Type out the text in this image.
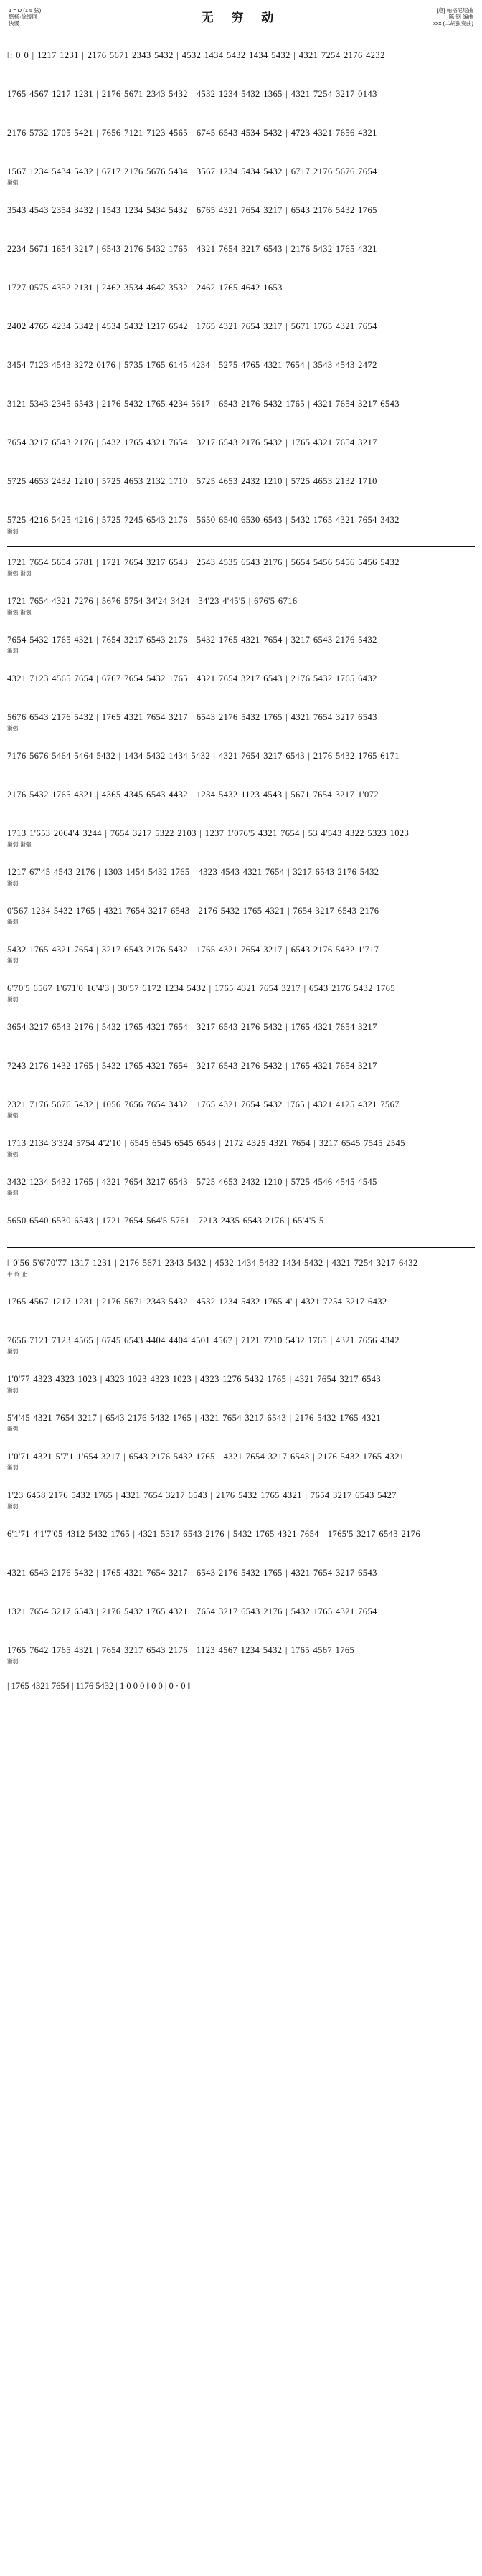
1 = D (1 5 弦)
悠扬·徐缓同
快慢	无 穷 动
[意] 帕格尼尼曲
陈 钢 编曲
xxx (二胡独奏曲)
‖: 0 0 | 1217 1231 | 2176 5671 2343 5432 | 4532 1434 5432 1434 5432 | 4321 7254 2176 4232
1765 4567 1217 1231 | 2176 5671 2343 5432 | 4532 1234 5432 1365 | 4321 7254 3217 0143
2176 5732 1705 5421 | 7656 7121 7123 4565 | 6745 6543 4534 5432 | 4723 4321 7656 4321
1567 1234 5434 5432 | 6717 2176 5676 5434 | 3567 1234 5434 5432 | 6717 2176 5676 7654
渐强
3543 4543 2354 3432 | 1543 1234 5434 5432 | 6765 4321 7654 3217 | 6543 2176 5432 1765
2234 5671 1654 3217 | 6543 2176 5432 1765 | 4321 7654 3217 6543 | 2176 5432 1765 4321
1727 0575 4352 2131 | 2462 3534 4642 3532 | 2462 1765 4642 1653
2402 4765 4234 5342 | 4534 5432 1217 6542 | 1765 4321 7654 3217 | 5671 1765 4321 7654
3454 7123 4543 3272 0176 | 5735 1765 6145 4234 | 5275 4765 4321 7654 | 3543 4543 2472
3121 5343 2345 6543 | 2176 5432 1765 4234 5617 | 6543 2176 5432 1765 | 4321 7654 3217 6543
7654 3217 6543 2176 | 5432 1765 4321 7654 | 3217 6543 2176 5432 | 1765 4321 7654 3217
5725 4653 2432 1210 | 5725 4653 2132 1710 | 5725 4653 2432 1210 | 5725 4653 2132 1710
5725 4216 5425 4216 | 5725 7245 6543 2176 | 5650 6540 6530 6543 | 5432 1765 4321 7654 3432
渐弱
1721 7654 5654 5781 | 1721 7654 3217 6543 | 2543 4535 6543 2176 | 5654 5456 5456 5456 5432
渐强 渐弱
1721 7654 4321 7276 | 5676 5754 34'24 3424 | 34'23 4'45'5 | 676'5 6716
渐强 渐强
7654 5432 1765 4321 | 7654 3217 6543 2176 | 5432 1765 4321 7654 | 3217 6543 2176 5432
渐弱
4321 7123 4565 7654 | 6767 7654 5432 1765 | 4321 7654 3217 6543 | 2176 5432 1765 6432
5676 6543 2176 5432 | 1765 4321 7654 3217 | 6543 2176 5432 1765 | 4321 7654 3217 6543
渐强
7176 5676 5464 5464 5432 | 1434 5432 1434 5432 | 4321 7654 3217 6543 | 2176 5432 1765 6171
2176 5432 1765 4321 | 4365 4345 6543 4432 | 1234 5432 1123 4543 | 5671 7654 3217 1'072
1713 1'653 2064'4 3244 | 7654 3217 5322 2103 | 1237 1'076'5 4321 7654 | 53 4'543 4322 5323 1023
渐弱 渐强
1217 67'45 4543 2176 | 1303 1454 5432 1765 | 4323 4543 4321 7654 | 3217 6543 2176 5432
渐弱
0'567 1234 5432 1765 | 4321 7654 3217 6543 | 2176 5432 1765 4321 | 7654 3217 6543 2176
渐弱
5432 1765 4321 7654 | 3217 6543 2176 5432 | 1765 4321 7654 3217 | 6543 2176 5432 1'717
渐弱
6'70'5 6567 1'671'0 16'4'3 | 30'57 6172 1234 5432 | 1765 4321 7654 3217 | 6543 2176 5432 1765
渐弱
3654 3217 6543 2176 | 5432 1765 4321 7654 | 3217 6543 2176 5432 | 1765 4321 7654 3217
7243 2176 1432 1765 | 5432 1765 4321 7654 | 3217 6543 2176 5432 | 1765 4321 7654 3217
2321 7176 5676 5432 | 1056 7656 7654 3432 | 1765 4321 7654 5432 1765 | 4321 4125 4321 7567
渐强
1713 2134 3'324 5754 4'2'10 | 6545 6545 6545 6543 | 2172 4325 4321 7654 | 3217 6545 7545 2545
渐强
3432 1234 5432 1765 | 4321 7654 3217 6543 | 5725 4653 2432 1210 | 5725 4546 4545 4545
渐弱
5650 6540 6530 6543 | 1721 7654 564'5 5761 | 7213 2435 6543 2176 | 65'4'5 5
‖ 0'56 5'6'70'77 1317 1231 | 2176 5671 2343 5432 | 4532 1434 5432 1434 5432 | 4321 7254 3217 6432
半 终 止
1765 4567 1217 1231 | 2176 5671 2343 5432 | 4532 1234 5432 1765 4' | 4321 7254 3217 6432
7656 7121 7123 4565 | 6745 6543 4404 4404 4501 4567 | 7121 7210 5432 1765 | 4321 7656 4342
渐弱
1'0'77 4323 4323 1023 | 4323 1023 4323 1023 | 4323 1276 5432 1765 | 4321 7654 3217 6543
渐弱
5'4'45 4321 7654 3217 | 6543 2176 5432 1765 | 4321 7654 3217 6543 | 2176 5432 1765 4321
渐强
1'0'71 4321 5'7'1 1'654 3217 | 6543 2176 5432 1765 | 4321 7654 3217 6543 | 2176 5432 1765 4321
渐弱
1'23 6458 2176 5432 1765 | 4321 7654 3217 6543 | 2176 5432 1765 4321 | 7654 3217 6543 5427
渐弱
6'1'71 4'1'7'05 4312 5432 1765 | 4321 5317 6543 2176 | 5432 1765 4321 7654 | 1765'5 3217 6543 2176
4321 6543 2176 5432 | 1765 4321 7654 3217 | 6543 2176 5432 1765 | 4321 7654 3217 6543
1321 7654 3217 6543 | 2176 5432 1765 4321 | 7654 3217 6543 2176 | 5432 1765 4321 7654
1765 7642 1765 4321 | 7654 3217 6543 2176 | 1123 4567 1234 5432 | 1765 4567 1765
渐弱
| 1765 4321 7654 | 1176 5432 | 1 0 0 0 ‖ 0 0 | 0 · 0 ‖
